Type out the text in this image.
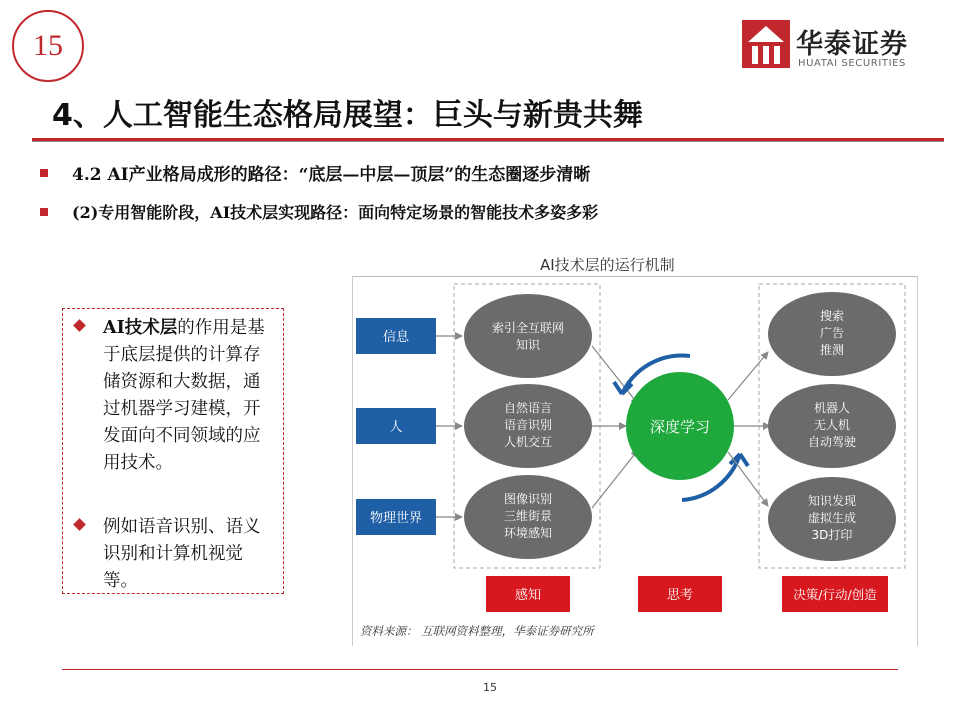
15	华泰证券
HUATAI SECURITIES
4、人工智能生态格局展望：巨头与新贵共舞
4.2 AI产业格局成形的路径：“底层—中层—顶层”的生态圈逐步清晰
(2)专用智能阶段，AI技术层实现路径：面向特定场景的智能技术多姿多彩
AI技术层的作用是基于底层提供的计算存储资源和大数据，通过机器学习建模，开发面向不同领域的应用技术。
例如语音识别、语义识别和计算机视觉等。
AI技术层的运行机制
信息
人
物理世界
索引全互联网
知识
自然语言
语音识别
人机交互
图像识别
三维街景
环境感知
深度学习
搜索
广告
推测
机器人
无人机
自动驾驶
知识发现
虚拟生成
3D打印
感知	思考	决策/行动/创造
资料来源： 互联网资料整理，华泰证券研究所
15
